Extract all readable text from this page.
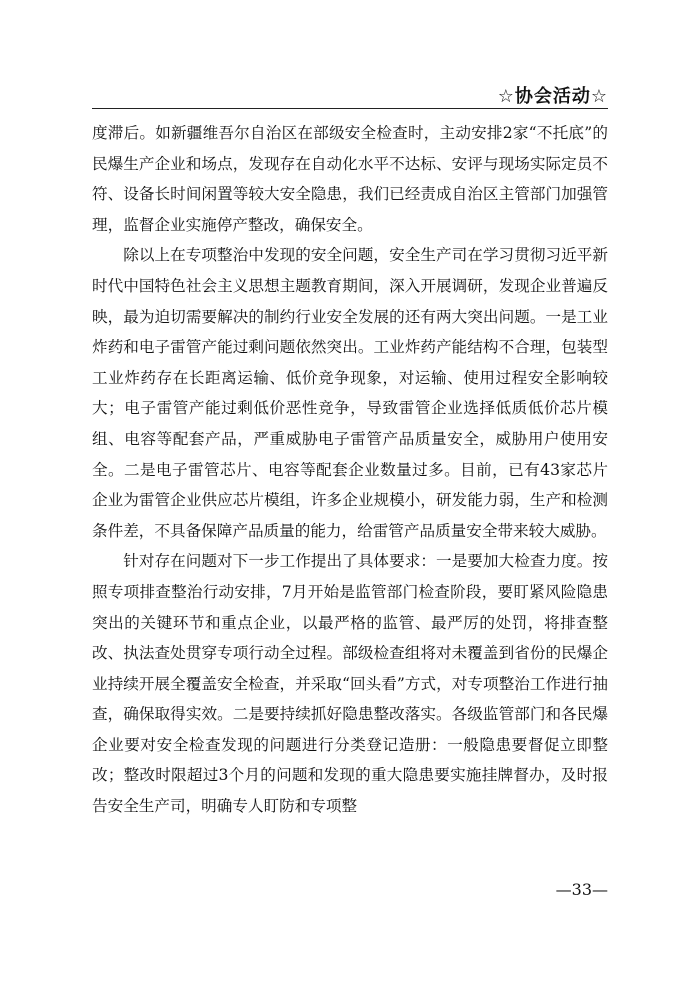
☆协会活动☆

度滞后。如新疆维吾尔自治区在部级安全检查时，主动安排2家“不托底”的民爆生产企业和场点，发现存在自动化水平不达标、安评与现场实际定员不符、设备长时间闲置等较大安全隐患，我们已经责成自治区主管部门加强管理，监督企业实施停产整改，确保安全。

除以上在专项整治中发现的安全问题，安全生产司在学习贯彻习近平新时代中国特色社会主义思想主题教育期间，深入开展调研，发现企业普遍反映，最为迫切需要解决的制约行业安全发展的还有两大突出问题。一是工业炸药和电子雷管产能过剩问题依然突出。工业炸药产能结构不合理，包装型工业炸药存在长距离运输、低价竞争现象，对运输、使用过程安全影响较大；电子雷管产能过剩低价恶性竞争，导致雷管企业选择低质低价芯片模组、电容等配套产品，严重威胁电子雷管产品质量安全，威胁用户使用安全。二是电子雷管芯片、电容等配套企业数量过多。目前，已有43家芯片企业为雷管企业供应芯片模组，许多企业规模小，研发能力弱，生产和检测条件差，不具备保障产品质量的能力，给雷管产品质量安全带来较大威胁。

针对存在问题对下一步工作提出了具体要求：一是要加大检查力度。按照专项排查整治行动安排，7月开始是监管部门检查阶段，要盯紧风险隐患突出的关键环节和重点企业，以最严格的监管、最严厉的处罚，将排查整改、执法查处贯穿专项行动全过程。部级检查组将对未覆盖到省份的民爆企业持续开展全覆盖安全检查，并采取“回头看”方式，对专项整治工作进行抽查，确保取得实效。二是要持续抓好隐患整改落实。各级监管部门和各民爆企业要对安全检查发现的问题进行分类登记造册：一般隐患要督促立即整改；整改时限超过3个月的问题和发现的重大隐患要实施挂牌督办，及时报告安全生产司，明确专人盯防和专项整

—33—
